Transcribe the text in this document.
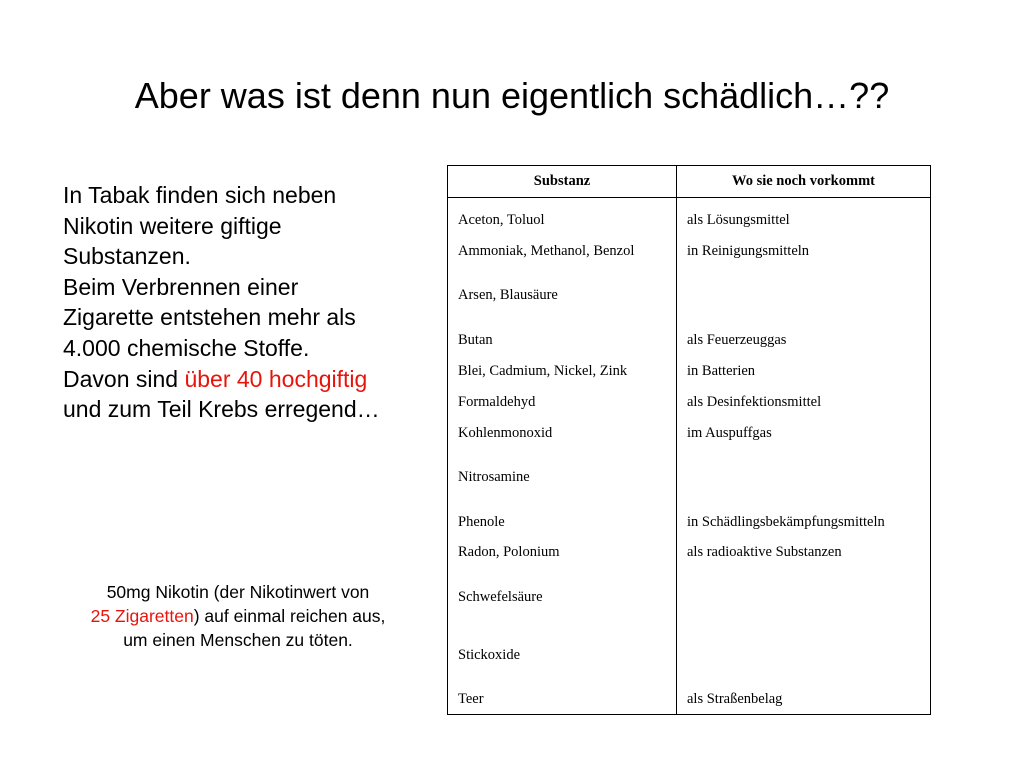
Aber was ist denn nun eigentlich schädlich…??
In Tabak finden sich neben
Nikotin weitere giftige
Substanzen.
Beim Verbrennen einer
Zigarette entstehen mehr als
4.000 chemische Stoffe.
Davon sind über 40 hochgiftig
und zum Teil Krebs erregend…
50mg Nikotin (der Nikotinwert von
25 Zigaretten) auf einmal reichen aus,
um einen Menschen zu töten.
Substanz	Wo sie noch vorkommt
Aceton, Toluol	als Lösungsmittel
Ammoniak, Methanol, Benzol	in Reinigungsmitteln
Arsen, Blausäure	
Butan	als Feuerzeuggas
Blei, Cadmium, Nickel, Zink	in Batterien
Formaldehyd	als Desinfektionsmittel
Kohlenmonoxid	im Auspuffgas
Nitrosamine	
Phenole	in Schädlingsbekämpfungsmitteln
Radon, Polonium	als radioaktive Substanzen
Schwefelsäure	
Stickoxide	
Teer	als Straßenbelag
